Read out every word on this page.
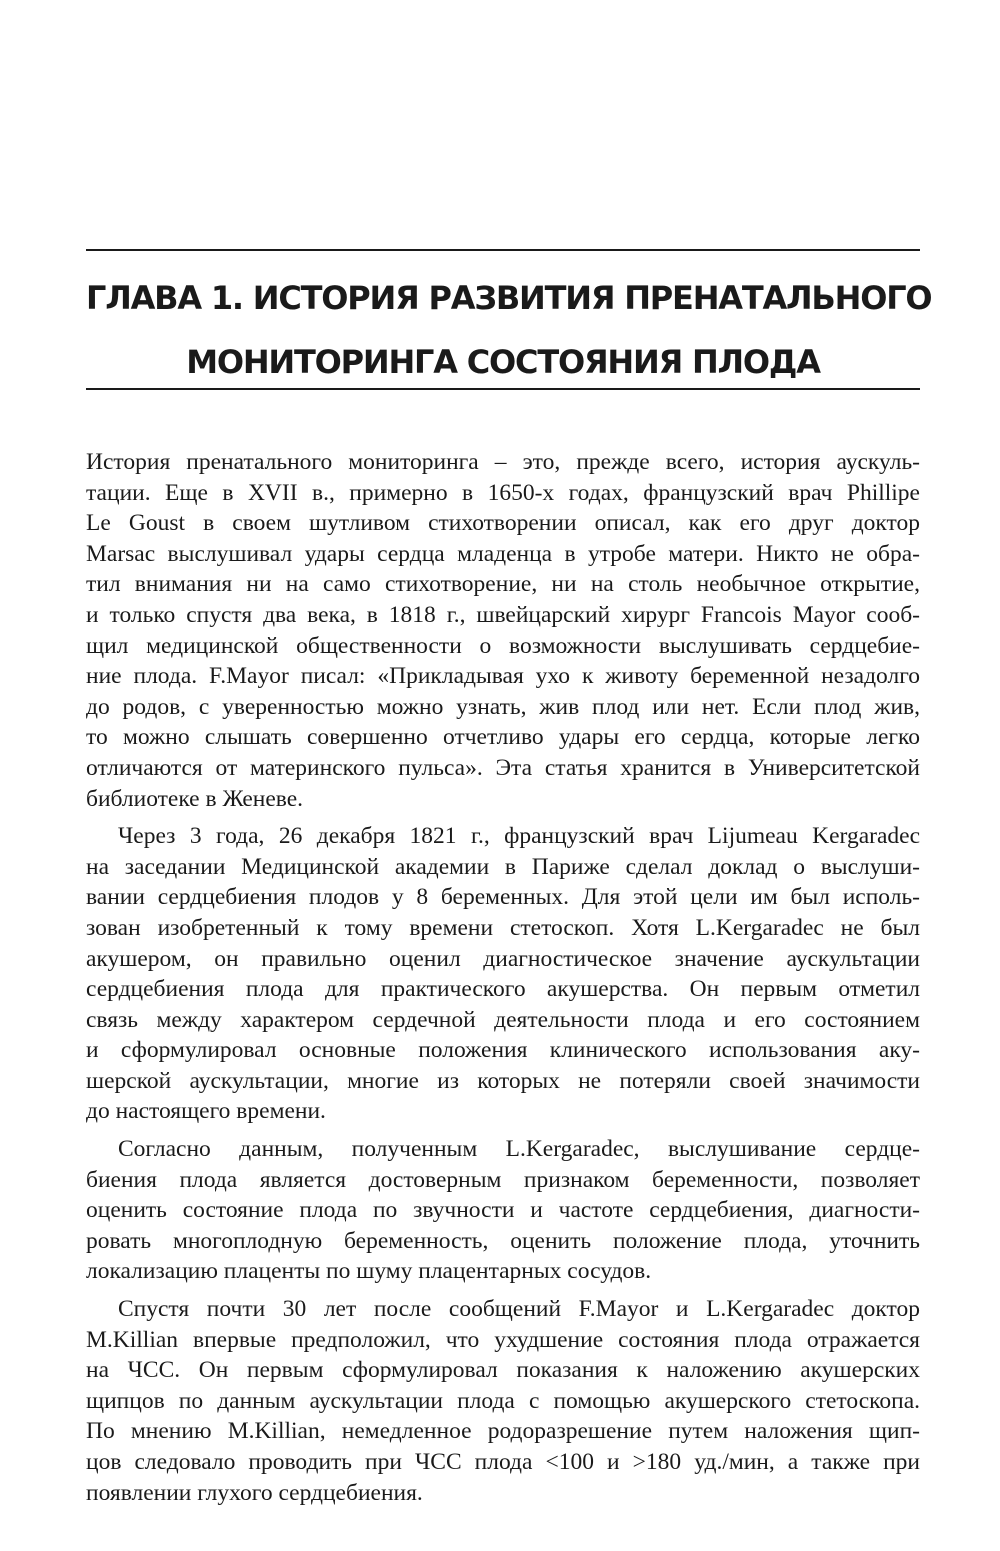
ГЛАВА 1. ИСТОРИЯ РАЗВИТИЯ ПРЕНАТАЛЬНОГО
МОНИТОРИНГА СОСТОЯНИЯ ПЛОДА

История пренатального мониторинга – это, прежде всего, история аускуль-
тации. Еще в XVII в., примерно в 1650-х годах, французский врач Phillipe
Le Goust в своем шутливом стихотворении описал, как его друг доктор
Marsac выслушивал удары сердца младенца в утробе матери. Никто не обра-
тил внимания ни на само стихотворение, ни на столь необычное открытие,
и только спустя два века, в 1818 г., швейцарский хирург Francois Mayor сооб-
щил медицинской общественности о возможности выслушивать сердцебие-
ние плода. F.Mayor писал: «Прикладывая ухо к животу беременной незадолго
до родов, с уверенностью можно узнать, жив плод или нет. Если плод жив,
то можно слышать совершенно отчетливо удары его сердца, которые легко
отличаются от материнского пульса». Эта статья хранится в Университетской
библиотеке в Женеве.

Через 3 года, 26 декабря 1821 г., французский врач Lijumeau Kergaradec
на заседании Медицинской академии в Париже сделал доклад о выслуши-
вании сердцебиения плодов у 8 беременных. Для этой цели им был исполь-
зован изобретенный к тому времени стетоскоп. Хотя L.Kergaradec не был
акушером, он правильно оценил диагностическое значение аускультации
сердцебиения плода для практического акушерства. Он первым отметил
связь между характером сердечной деятельности плода и его состоянием
и сформулировал основные положения клинического использования аку-
шерской аускультации, многие из которых не потеряли своей значимости
до настоящего времени.

Согласно данным, полученным L.Kergaradec, выслушивание сердце-
биения плода является достоверным признаком беременности, позволяет
оценить состояние плода по звучности и частоте сердцебиения, диагности-
ровать многоплодную беременность, оценить положение плода, уточнить
локализацию плаценты по шуму плацентарных сосудов.

Спустя почти 30 лет после сообщений F.Mayor и L.Kergaradec доктор
M.Killian впервые предположил, что ухудшение состояния плода отражается
на ЧСС. Он первым сформулировал показания к наложению акушерских
щипцов по данным аускультации плода с помощью акушерского стетоскопа.
По мнению M.Killian, немедленное родоразрешение путем наложения щип-
цов следовало проводить при ЧСС плода <100 и >180 уд./мин, а также при
появлении глухого сердцебиения.
